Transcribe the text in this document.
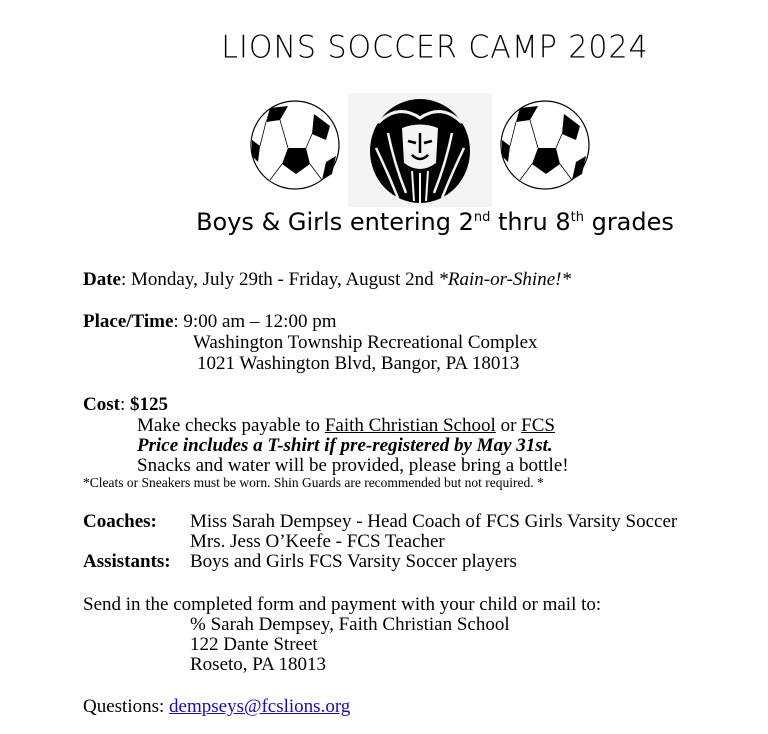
LIONS SOCCER CAMP 2024
Boys & Girls entering 2nd thru 8th grades
Date: Monday, July 29th - Friday, August 2nd *Rain-or-Shine!*
Place/Time: 9:00 am – 12:00 pm
Washington Township Recreational Complex
1021 Washington Blvd, Bangor, PA 18013
Cost: $125
Make checks payable to Faith Christian School or FCS
Price includes a T-shirt if pre-registered by May 31st.
Snacks and water will be provided, please bring a bottle!
*Cleats or Sneakers must be worn. Shin Guards are recommended but not required. *
Coaches: Miss Sarah Dempsey - Head Coach of FCS Girls Varsity Soccer
Mrs. Jess O’Keefe - FCS Teacher
Assistants: Boys and Girls FCS Varsity Soccer players
Send in the completed form and payment with your child or mail to:
% Sarah Dempsey, Faith Christian School
122 Dante Street
Roseto, PA 18013
Questions: dempseys@fcslions.org
